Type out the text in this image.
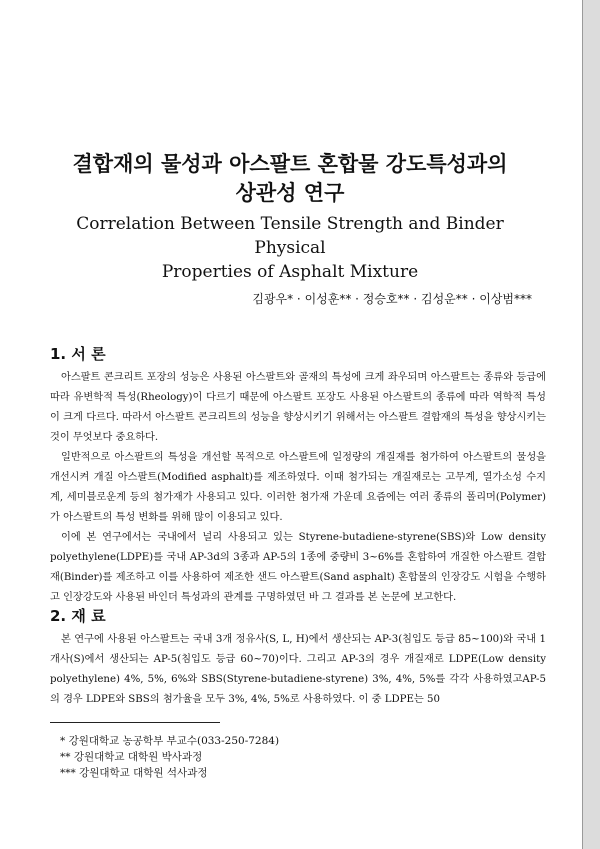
결합재의 물성과 아스팔트 혼합물 강도특성과의
상관성 연구
Correlation Between Tensile Strength and Binder Physical
Properties of Asphalt Mixture
김광우* · 이성훈** · 정승호** · 김성운** · 이상범***
1. 서 론

아스팔트 콘크리트 포장의 성능은 사용된 아스팔트와 골재의 특성에 크게 좌우되며 아스팔트는 종류와 등급에 따라 유변학적 특성(Rheology)이 다르기 때문에 아스팔트 포장도 사용된 아스팔트의 종류에 따라 역학적 특성이 크게 다르다. 따라서 아스팔트 콘크리트의 성능을 향상시키기 위해서는 아스팔트 결합재의 특성을 향상시키는 것이 무엇보다 중요하다.

일반적으로 아스팔트의 특성을 개선할 목적으로 아스팔트에 일정량의 개질재를 첨가하여 아스팔트의 물성을 개선시켜 개질 아스팔트(Modified asphalt)를 제조하였다. 이때 첨가되는 개질재로는 고무계, 열가소성 수지계, 세미블로운계 등의 첨가재가 사용되고 있다. 이러한 첨가재 가운데 요즘에는 여러 종류의 폴리머(Polymer)가 아스팔트의 특성 변화를 위해 많이 이용되고 있다.

이에 본 연구에서는 국내에서 널리 사용되고 있는 Styrene-butadiene-styrene(SBS)와 Low density polyethylene(LDPE)를 국내 AP-3d의 3종과 AP-5의 1종에 중량비 3~6%를 혼합하여 개질한 아스팔트 결합재(Binder)를 제조하고 이를 사용하여 제조한 샌드 아스팔트(Sand asphalt) 혼합물의 인장강도 시험을 수행하고 인장강도와 사용된 바인더 특성과의 관계를 구명하였던 바 그 결과를 본 논문에 보고한다.

2. 재 료

본 연구에 사용된 아스팔트는 국내 3개 정유사(S, L, H)에서 생산되는 AP-3(침입도 등급 85~100)와 국내 1개사(S)에서 생산되는 AP-5(침입도 등급 60~70)이다. 그리고 AP-3의 경우 개질재로 LDPE(Low density polyethylene) 4%, 5%, 6%와 SBS(Styrene-butadiene-styrene) 3%, 4%, 5%를 각각 사용하였고AP-5의 경우 LDPE와 SBS의 첨가율을 모두 3%, 4%, 5%로 사용하였다. 이 중 LDPE는 50

* 강원대학교 농공학부 부교수(033-250-7284)
** 강원대학교 대학원 박사과정
*** 강원대학교 대학원 석사과정
